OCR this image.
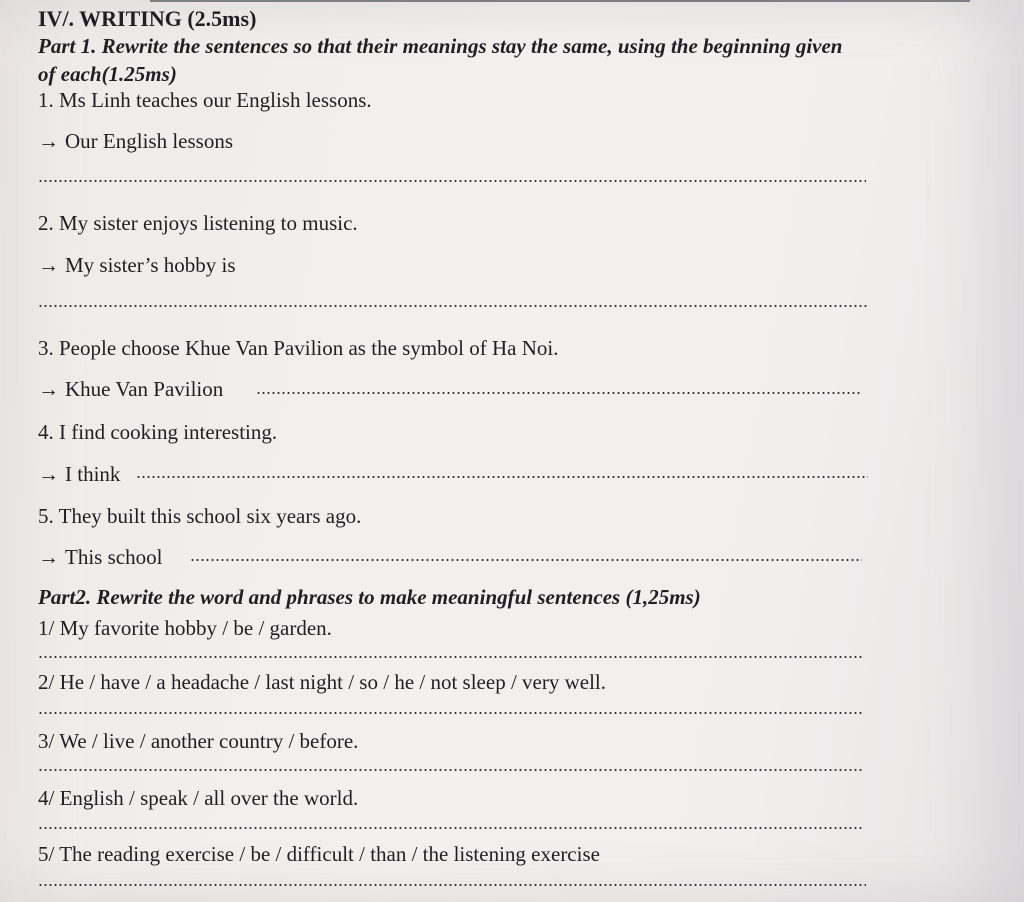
IV/. WRITING (2.5ms)
Part 1. Rewrite the sentences so that their meanings stay the same, using the beginning given
of each(1.25ms)
1. Ms Linh teaches our English lessons.
→ Our English lessons
2. My sister enjoys listening to music.
→ My sister’s hobby is
3. People choose Khue Van Pavilion as the symbol of Ha Noi.
→ Khue Van Pavilion
4. I find cooking interesting.
→ I think
5. They built this school six years ago.
→ This school
Part2. Rewrite the word and phrases to make meaningful sentences (1,25ms)
1/ My favorite hobby / be / garden.
2/ He / have / a headache / last night / so / he / not sleep / very well.
3/ We / live / another country / before.
4/ English / speak / all over the world.
5/ The reading exercise / be / difficult / than / the listening exercise
